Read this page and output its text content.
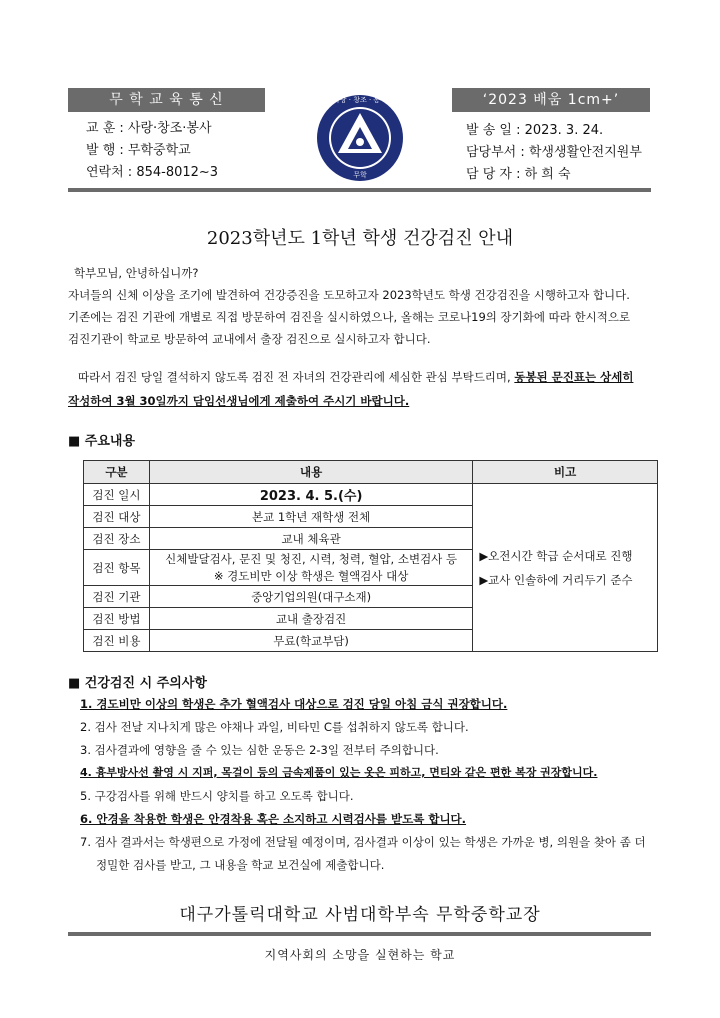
무 학 교 육 통 신	‘2023 배움 1cm+’
교 훈 : 사랑·창조·봉사
발 행 : 무학중학교
연락처 : 854-8012~3
사랑 · 창조 · 봉사
무학
발 송 일 : 2023. 3. 24.
담당부서 : 학생생활안전지원부
담 당 자 : 하 희 숙
2023학년도 1학년 학생 건강검진 안내
학부모님, 안녕하십니까?
자녀들의 신체 이상을 조기에 발견하여 건강증진을 도모하고자 2023학년도 학생 건강검진을 시행하고자 합니다.
기존에는 검진 기관에 개별로 직접 방문하여 검진을 실시하였으나, 올해는 코로나19의 장기화에 따라 한시적으로
검진기관이 학교로 방문하여 교내에서 출장 검진으로 실시하고자 합니다.
따라서 검진 당일 결석하지 않도록 검진 전 자녀의 건강관리에 세심한 관심 부탁드리며, 동봉된 문진표는 상세히
작성하여 3월 30일까지 담임선생님에게 제출하여 주시기 바랍니다.
■ 주요내용
구분	내용	비고
검진 일시	2023. 4. 5.(수)	▶오전시간 학급 순서대로 진행
▶교사 인솔하에 거리두기 준수

검진 대상	본교 1학년 재학생 전체	
검진 장소	교내 체육관	
검진 항목	신체발달검사, 문진 및 청진, 시력, 청력, 혈압, 소변검사 등
※ 경도비만 이상 학생은 혈액검사 대상	

검진 기관	중앙기업의원(대구소재)	
검진 방법	교내 출장검진	
검진 비용	무료(학교부담)	
■ 건강검진 시 주의사항
1. 경도비만 이상의 학생은 추가 혈액검사 대상으로 검진 당일 아침 금식 권장합니다.
2. 검사 전날 지나치게 많은 야채나 과일, 비타민 C를 섭취하지 않도록 합니다.
3. 검사결과에 영향을 줄 수 있는 심한 운동은 2-3일 전부터 주의합니다.
4. 흉부방사선 촬영 시 지퍼, 목걸이 등의 금속제품이 있는 옷은 피하고, 면티와 같은 편한 복장 권장합니다.
5. 구강검사를 위해 반드시 양치를 하고 오도록 합니다.
6. 안경을 착용한 학생은 안경착용 혹은 소지하고 시력검사를 받도록 합니다.
7. 검사 결과서는 학생편으로 가정에 전달될 예정이며, 검사결과 이상이 있는 학생은 가까운 병, 의원을 찾아 좀 더
정밀한 검사를 받고, 그 내용을 학교 보건실에 제출합니다.
대구가톨릭대학교 사범대학부속 무학중학교장
지역사회의 소망을 실현하는 학교
